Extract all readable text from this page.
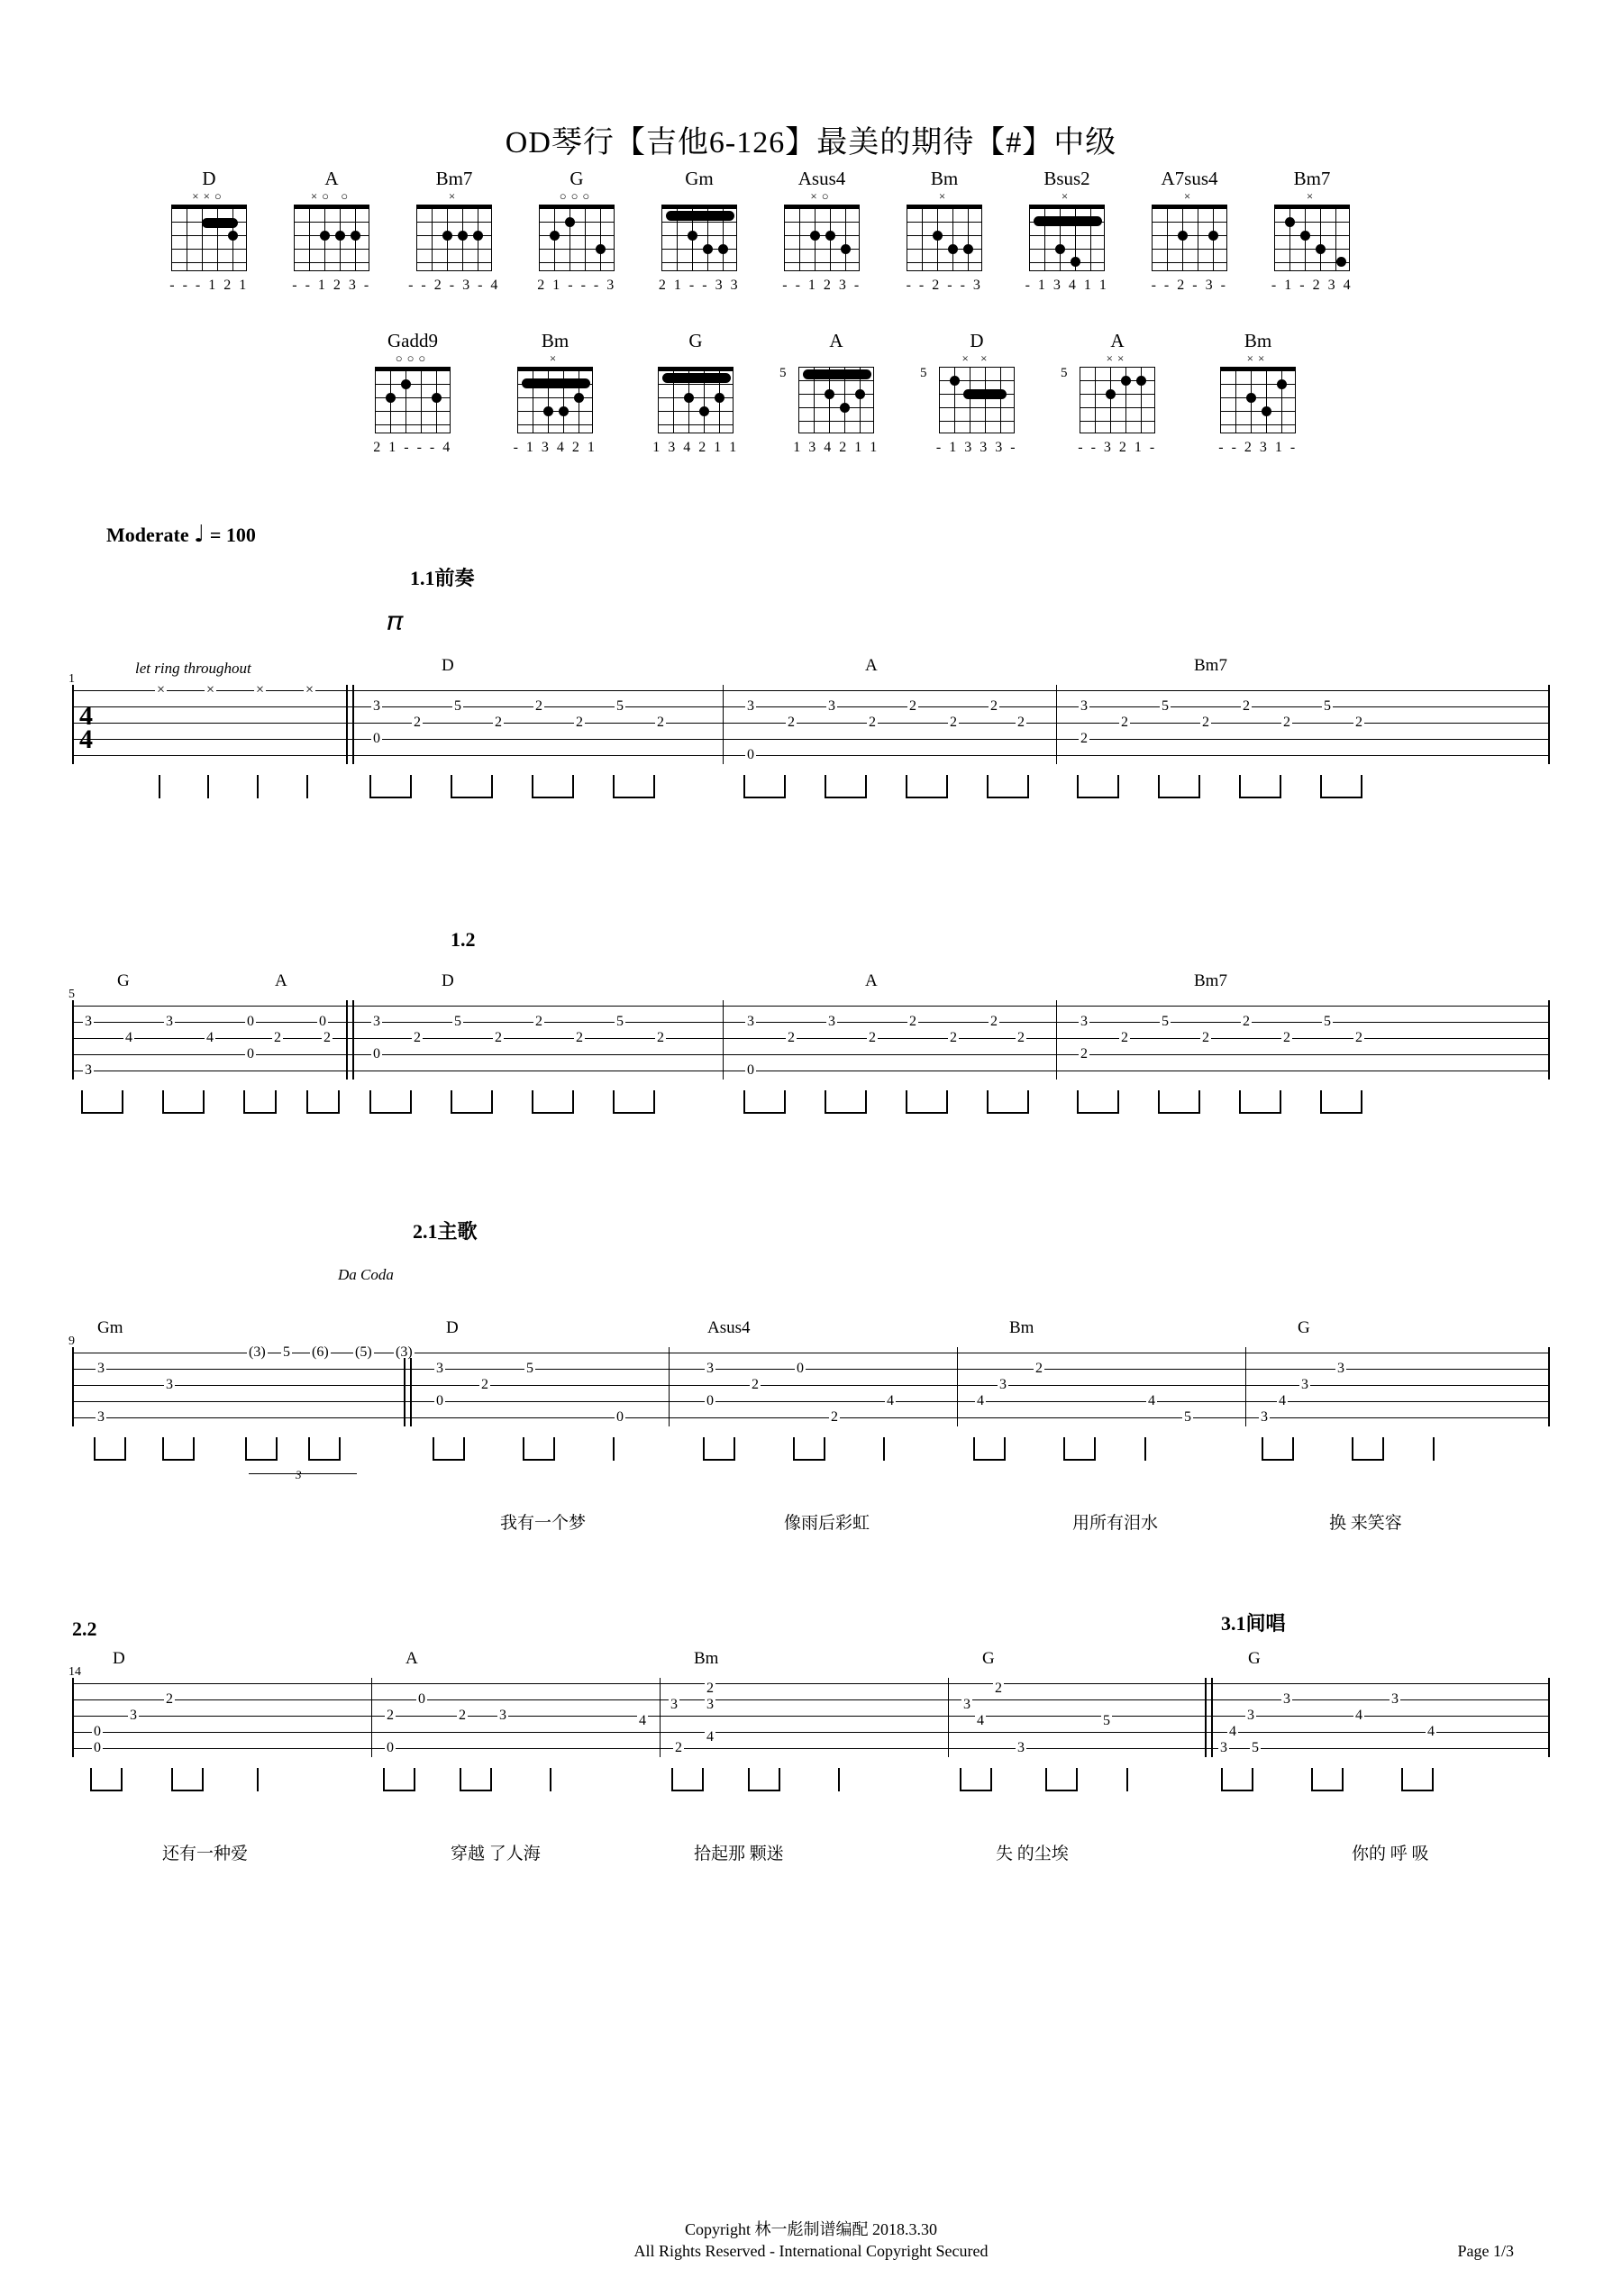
OD琴行【吉他6-126】最美的期待【#】中级
D
××○
- - - 1 2 1
A
×○ ○
- - 1 2 3 -
Bm7
×
- - 2 - 3 - 4
G
○○○
2 1 - - - 3
Gm
2 1 - - 3 3
Asus4
×○
- - 1 2 3 -
Bm
×
- - 2 - - 3
Bsus2
×
- 1 3 4 1 1
A7sus4
×
- - 2 - 3 -
Bm7
×
- 1 - 2 3 4
Gadd9
○○○
2 1 - - - 4
Bm
×
- 1 3 4 2 1
G
1 3 4 2 1 1
A
5
1 3 4 2 1 1
D
× ×
5
- 1 3 3 3 -
A
××
5
- - 3 2 1 -
Bm
××
- - 2 3 1 -
Moderate ♩ = 100
1.1前奏
𝜋
1
let ring throughout	D	A	Bm7
4
4
×	×	×	×
3	5	2	5
2	2	2	2
0
3	3	2	2
2	2	2	2
0
3	5	2	5
2	2	2	2
2
1.2
5
G	A	D	A	Bm7
3	3	0	0
4	4	2	2
0
3
3	5	2	5
2	2	2	2
0
3	3	2	2
2	2	2	2
0
3	5	2	5
2	2	2	2
2
2.1主歌
Da Coda
9
Gm	D	Asus4	Bm	G
(3) 5 (6) (5) (3)
3
3
3
3	5
2
0
0
3	0
2
0	4
2
2
3
4	4
3
3
4
5	3
3
我有一个梦	像雨后彩虹	用所有泪水	换 来笑容
2.2	3.1间唱
14
D	A	Bm	G	G
2
3
0
0
0
2	2 3
0
2
3 3
4
4
2
2
3
4	5
3
3	3
3	4
4	4
5
3
还有一种爱	穿越 了人海	拾起那 颗迷	失 的尘埃	你的 呼 吸
Copyright 林一彪制谱编配 2018.3.30
All Rights Reserved - International Copyright Secured	Page 1/3
